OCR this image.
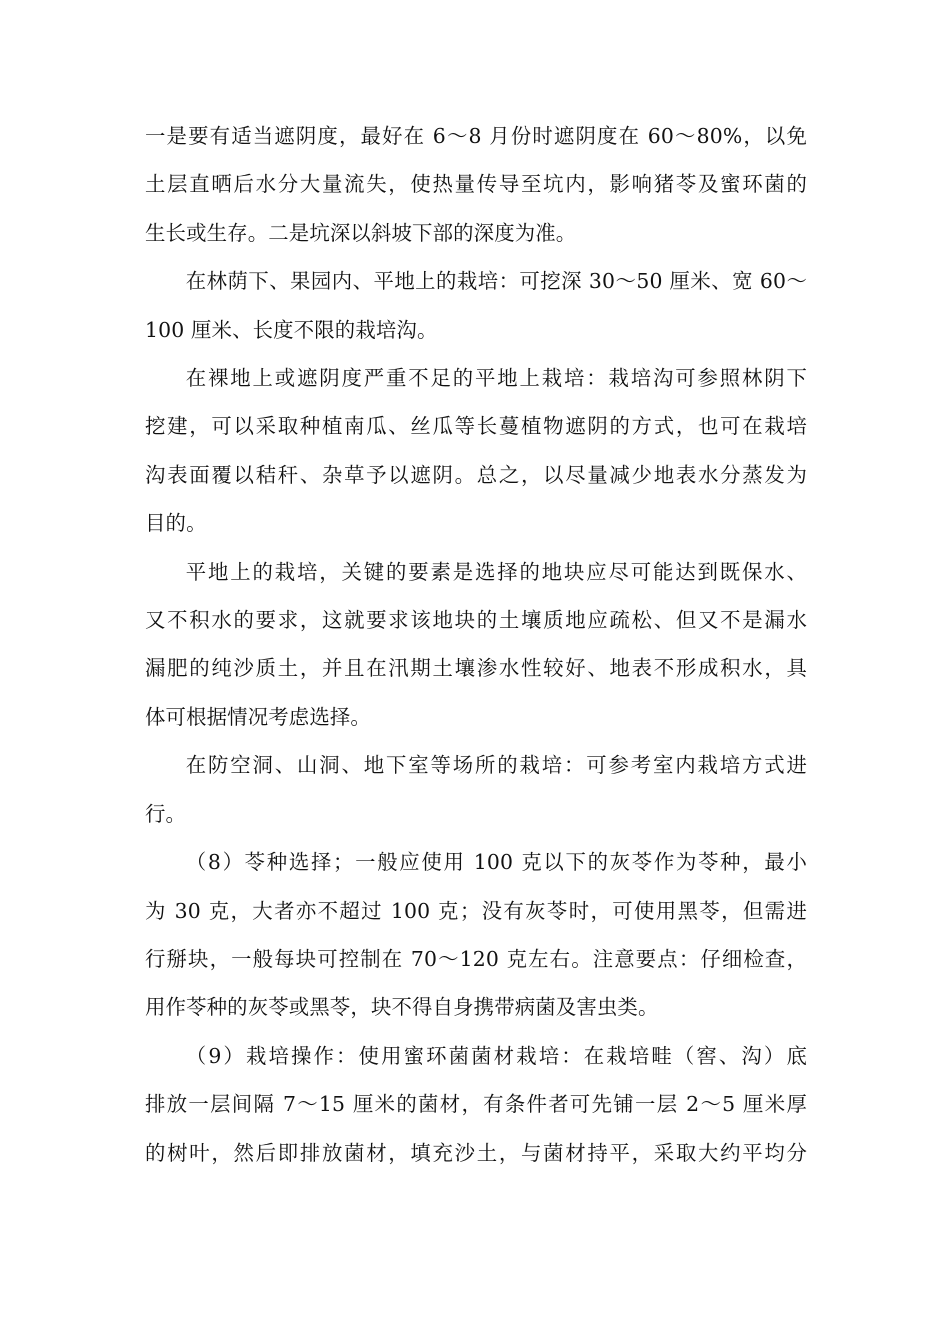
一是要有适当遮阴度，最好在 6～8 月份时遮阴度在 60～80%，以免
土层直晒后水分大量流失，使热量传导至坑内，影响猪苓及蜜环菌的
生长或生存。二是坑深以斜坡下部的深度为准。
在林荫下、果园内、平地上的栽培：可挖深 30～50 厘米、宽 60～
100 厘米、长度不限的栽培沟。
在裸地上或遮阴度严重不足的平地上栽培：栽培沟可参照林阴下
挖建，可以采取种植南瓜、丝瓜等长蔓植物遮阴的方式，也可在栽培
沟表面覆以秸秆、杂草予以遮阴。总之，以尽量减少地表水分蒸发为
目的。
平地上的栽培，关键的要素是选择的地块应尽可能达到既保水、
又不积水的要求，这就要求该地块的土壤质地应疏松、但又不是漏水
漏肥的纯沙质土，并且在汛期土壤渗水性较好、地表不形成积水，具
体可根据情况考虑选择。
在防空洞、山洞、地下室等场所的栽培：可参考室内栽培方式进
行。
（8）苓种选择；一般应使用 100 克以下的灰苓作为苓种，最小
为 30 克，大者亦不超过 100 克；没有灰苓时，可使用黑苓，但需进
行掰块，一般每块可控制在 70～120 克左右。注意要点：仔细检查，
用作苓种的灰苓或黑苓，块不得自身携带病菌及害虫类。
（9）栽培操作：使用蜜环菌菌材栽培：在栽培畦（窖、沟）底
排放一层间隔 7～15 厘米的菌材，有条件者可先铺一层 2～5 厘米厚
的树叶，然后即排放菌材，填充沙土，与菌材持平，采取大约平均分
